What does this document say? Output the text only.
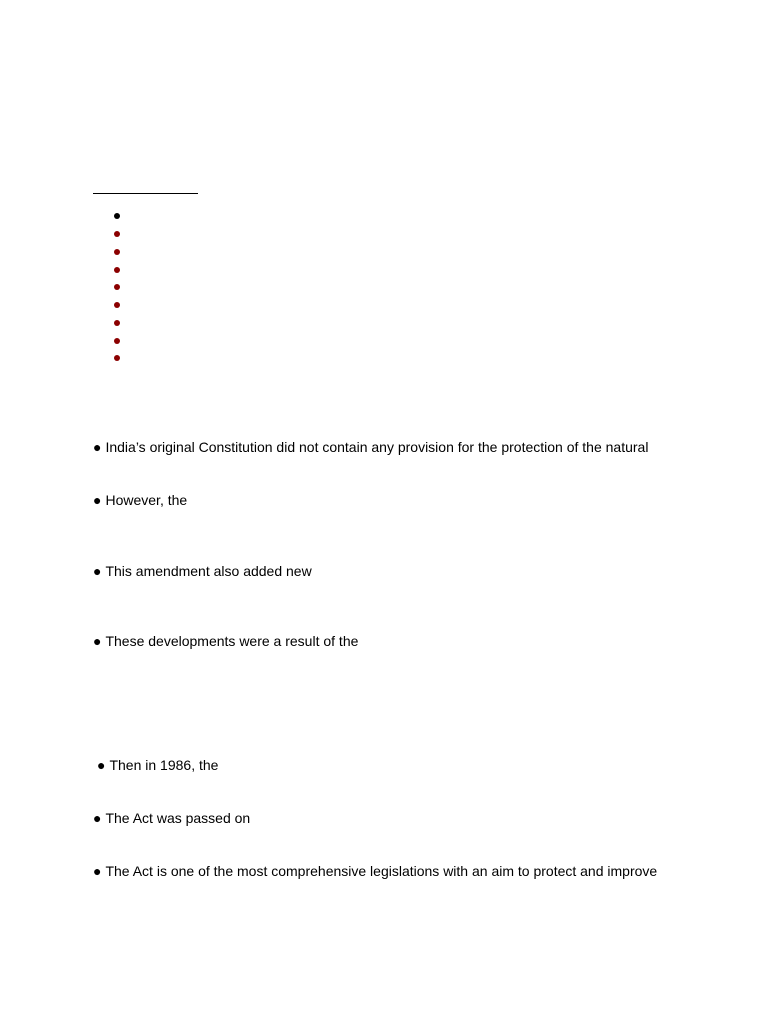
● India’s original Constitution did not contain any provision for the protection of the natural
● However, the
● This amendment also added new
● These developments were a result of the
● Then in 1986, the
● The Act was passed on
● The Act is one of the most comprehensive legislations with an aim to protect and improve
